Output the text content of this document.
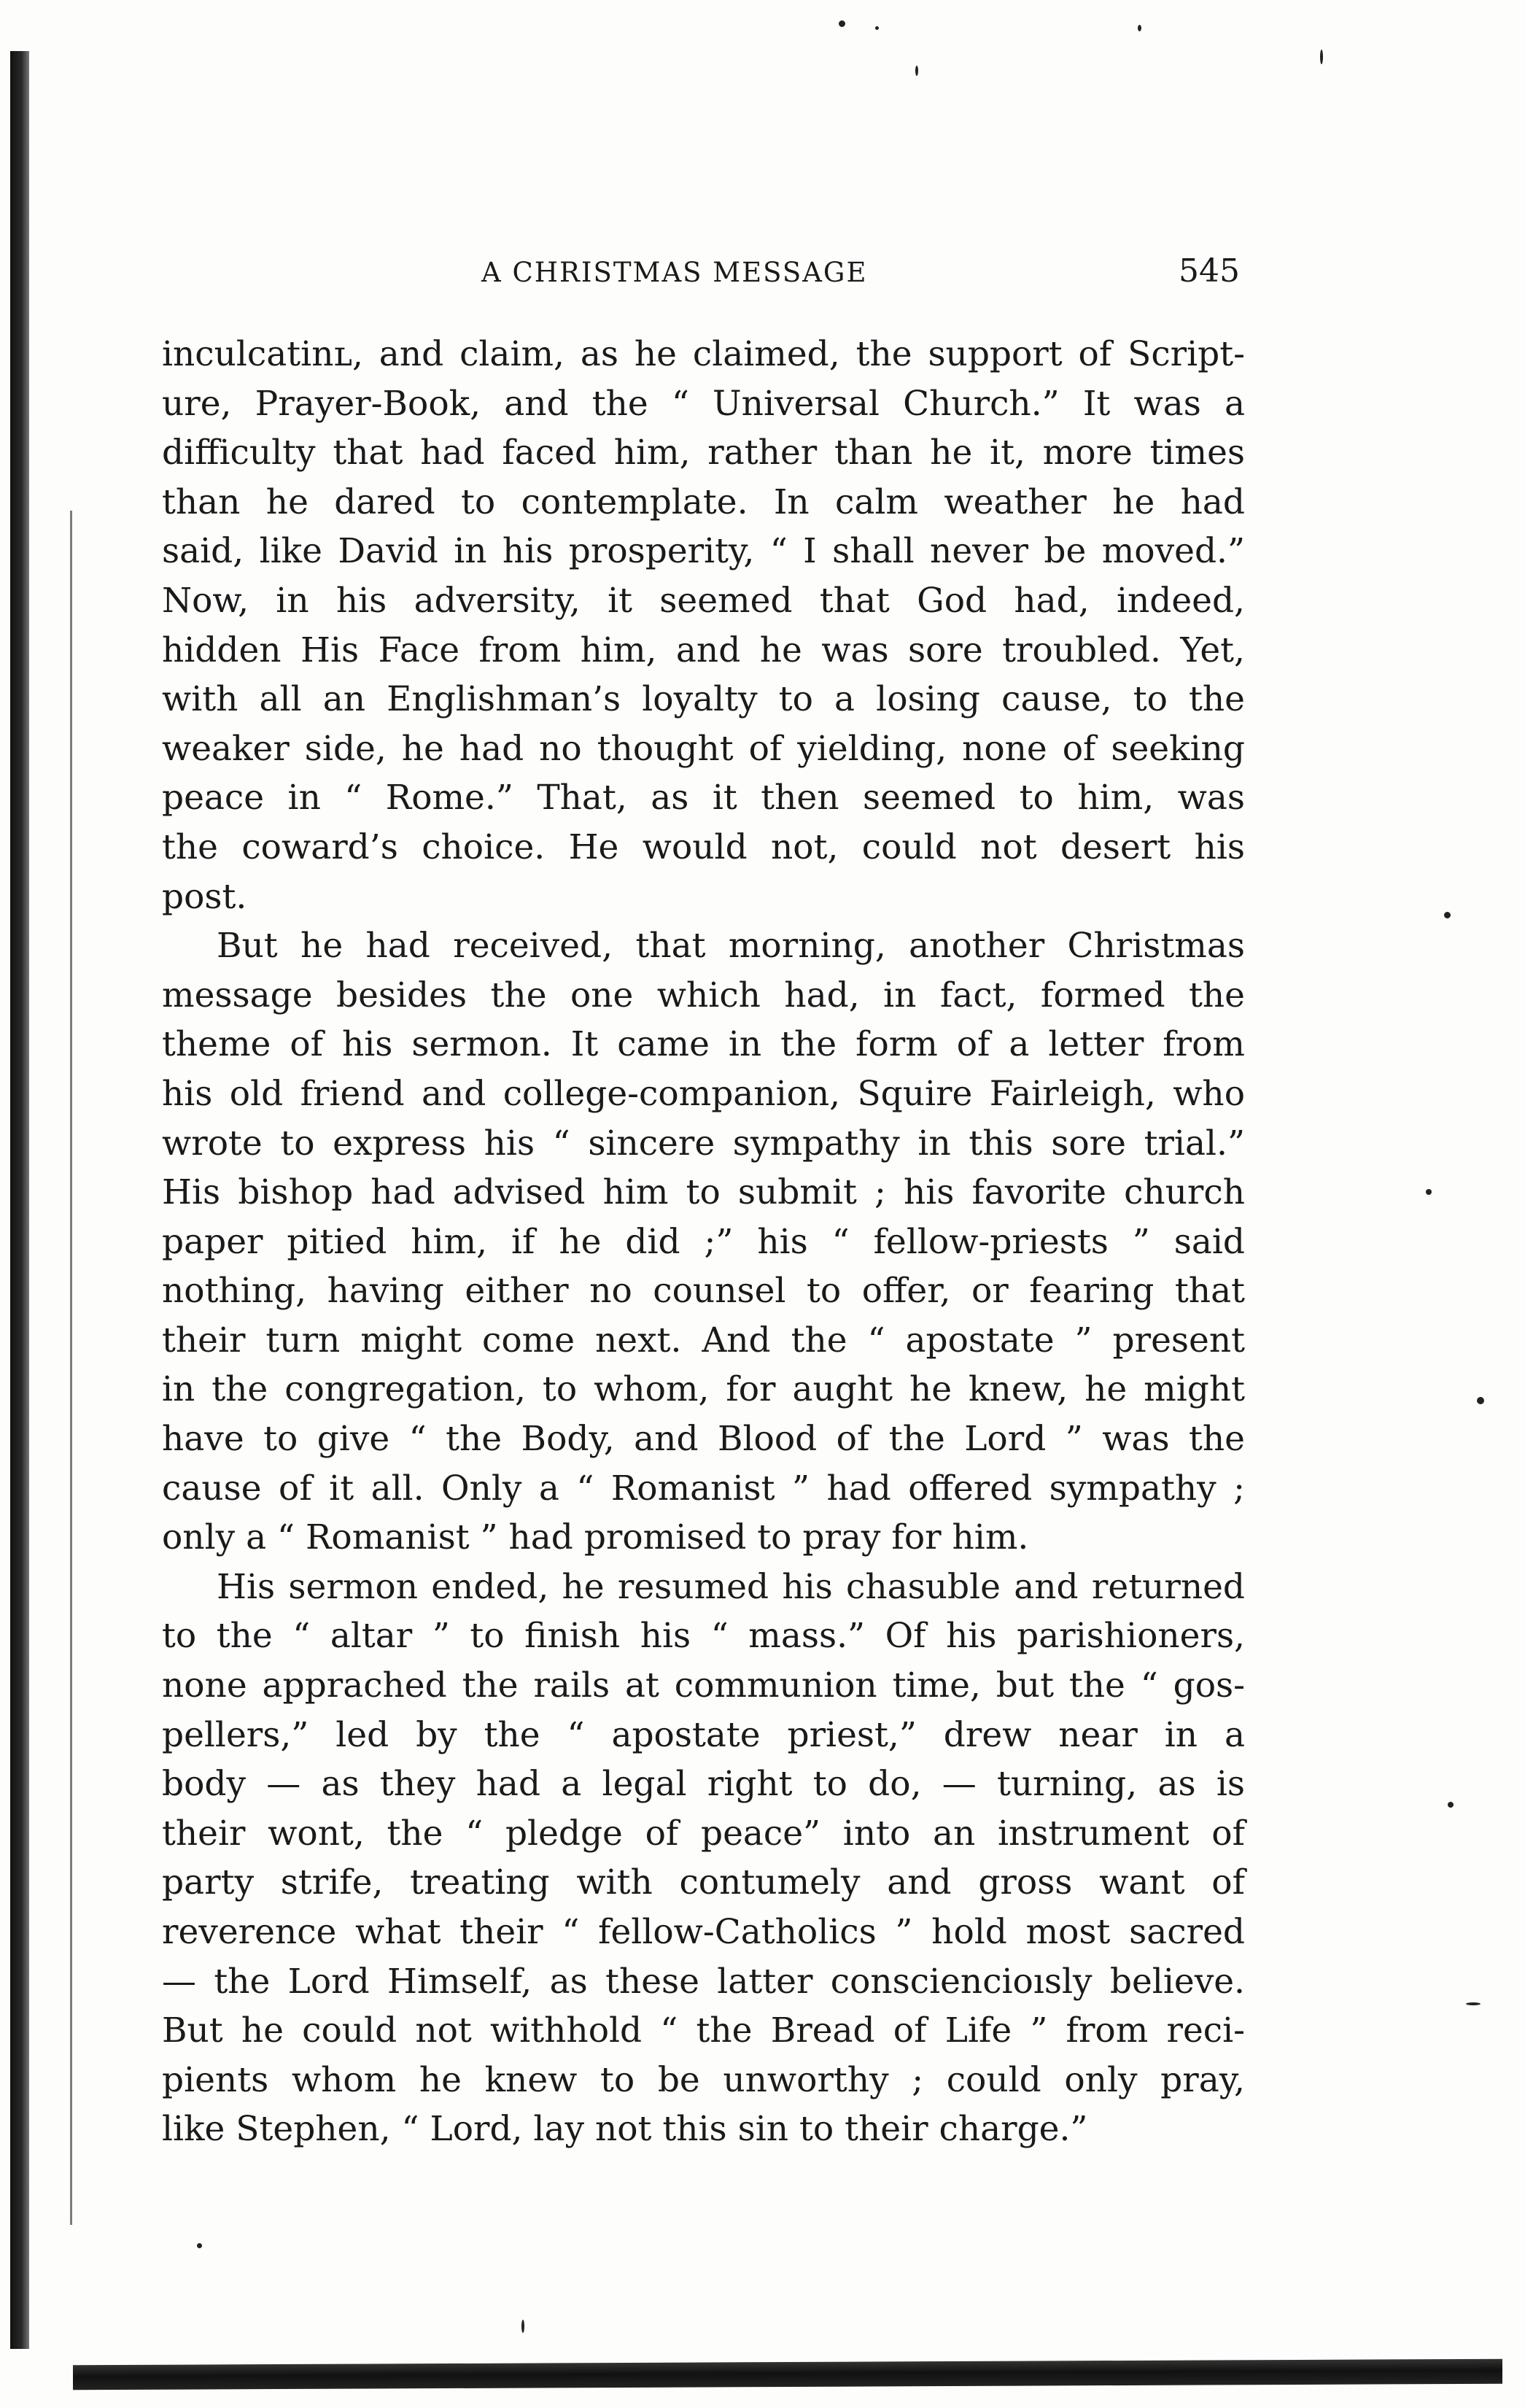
A CHRISTMAS MESSAGE	545

inculcatinʟ, and claim, as he claimed, the support of Script-
ure, Prayer-Book, and the “ Universal Church.” It was a
difficulty that had faced him, rather than he it, more times
than he dared to contemplate. In calm weather he had
said, like David in his prosperity, “ I shall never be moved.”
Now, in his adversity, it seemed that God had, indeed,
hidden His Face from him, and he was sore troubled. Yet,
with all an Englishman’s loyalty to a losing cause, to the
weaker side, he had no thought of yielding, none of seeking
peace in “ Rome.” That, as it then seemed to him, was
the coward’s choice. He would not, could not desert his
post.

But he had received, that morning, another Christmas
message besides the one which had, in fact, formed the
theme of his sermon. It came in the form of a letter from
his old friend and college-companion, Squire Fairleigh, who
wrote to express his “ sincere sympathy in this sore trial.”
His bishop had advised him to submit ; his favorite church
paper pitied him, if he did ;” his “ fellow-priests ” said
nothing, having either no counsel to offer, or fearing that
their turn might come next. And the “ apostate ” present
in the congregation, to whom, for aught he knew, he might
have to give “ the Body, and Blood of the Lord ” was the
cause of it all. Only a “ Romanist ” had offered sympathy ;
only a “ Romanist ” had promised to pray for him.

His sermon ended, he resumed his chasuble and returned
to the “ altar ” to finish his “ mass.” Of his parishioners,
none apprached the rails at communion time, but the “ gos-
pellers,” led by the “ apostate priest,” drew near in a
body — as they had a legal right to do, — turning, as is
their wont, the “ pledge of peace” into an instrument of
party strife, treating with contumely and gross want of
reverence what their “ fellow-Catholics ” hold most sacred
— the Lord Himself, as these latter consciencioısly believe.
But he could not withhold “ the Bread of Life ” from reci-
pients whom he knew to be unworthy ; could only pray,
like Stephen, “ Lord, lay not this sin to their charge.”
